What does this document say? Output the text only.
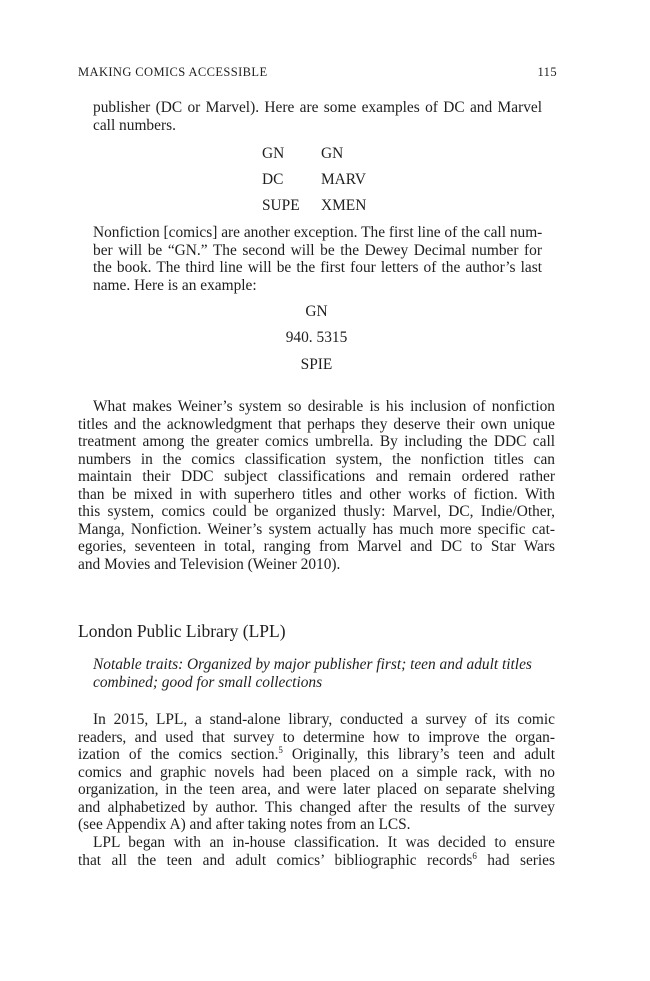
MAKING COMICS ACCESSIBLE	115
publisher (DC or Marvel). Here are some examples of DC and Marvel
call numbers.
GN GN
DC MARV
SUPE XMEN
Nonfiction [comics] are another exception. The first line of the call num-
ber will be “GN.” The second will be the Dewey Decimal number for
the book. The third line will be the first four letters of the author’s last
name. Here is an example:
GN
940. 5315
SPIE
What makes Weiner’s system so desirable is his inclusion of nonfiction
titles and the acknowledgment that perhaps they deserve their own unique
treatment among the greater comics umbrella. By including the DDC call
numbers in the comics classification system, the nonfiction titles can
maintain their DDC subject classifications and remain ordered rather
than be mixed in with superhero titles and other works of fiction. With
this system, comics could be organized thusly: Marvel, DC, Indie/Other,
Manga, Nonfiction. Weiner’s system actually has much more specific cat-
egories, seventeen in total, ranging from Marvel and DC to Star Wars
and Movies and Television (Weiner 2010).
London Public Library (LPL)
Notable traits: Organized by major publisher first; teen and adult titles
combined; good for small collections
In 2015, LPL, a stand-alone library, conducted a survey of its comic
readers, and used that survey to determine how to improve the organ-
ization of the comics section.$^5$ Originally, this library’s teen and adult
comics and graphic novels had been placed on a simple rack, with no
organization, in the teen area, and were later placed on separate shelving
and alphabetized by author. This changed after the results of the survey
(see Appendix A) and after taking notes from an LCS.
LPL began with an in-house classification. It was decided to ensure
that all the teen and adult comics’ bibliographic records$^6$ had series
